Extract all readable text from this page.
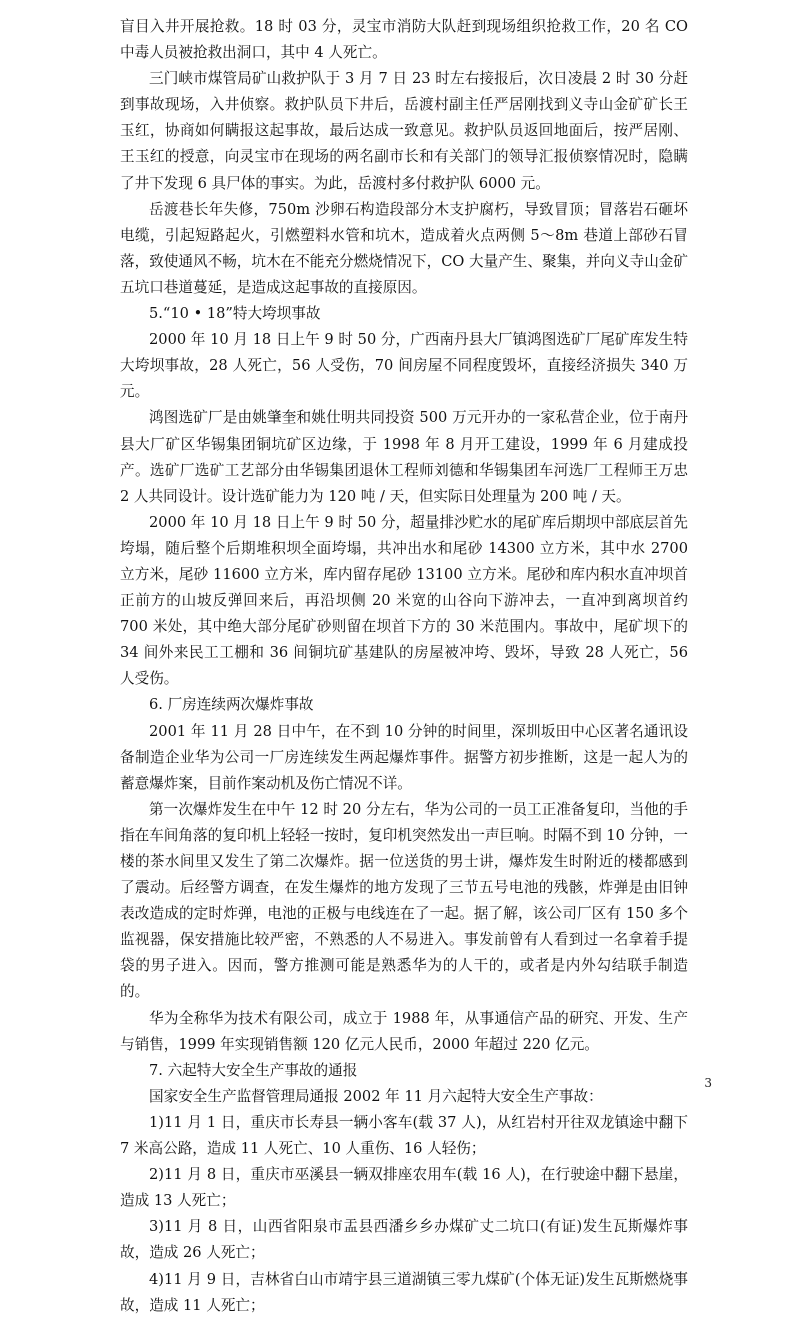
盲目入井开展抢救。18 时 03 分，灵宝市消防大队赶到现场组织抢救工作，20 名 CO 中毒人员被抢救出洞口，其中 4 人死亡。

三门峡市煤管局矿山救护队于 3 月 7 日 23 时左右接报后，次日凌晨 2 时 30 分赶到事故现场，入井侦察。救护队员下井后，岳渡村副主任严居刚找到义寺山金矿矿长王玉红，协商如何瞒报这起事故，最后达成一致意见。救护队员返回地面后，按严居刚、王玉红的授意，向灵宝市在现场的两名副市长和有关部门的领导汇报侦察情况时，隐瞒了井下发现 6 具尸体的事实。为此，岳渡村多付救护队 6000 元。

岳渡巷长年失修，750m 沙卵石构造段部分木支护腐朽，导致冒顶；冒落岩石砸坏电缆，引起短路起火，引燃塑料水管和坑木，造成着火点两侧 5～8m 巷道上部砂石冒落，致使通风不畅，坑木在不能充分燃烧情况下，CO 大量产生、聚集，并向义寺山金矿五坑口巷道蔓延，是造成这起事故的直接原因。

5.“10 • 18”特大垮坝事故

2000 年 10 月 18 日上午 9 时 50 分，广西南丹县大厂镇鸿图选矿厂尾矿库发生特大垮坝事故，28 人死亡，56 人受伤，70 间房屋不同程度毁坏，直接经济损失 340 万元。

鸿图选矿厂是由姚肇奎和姚仕明共同投资 500 万元开办的一家私营企业，位于南丹县大厂矿区华锡集团铜坑矿区边缘，于 1998 年 8 月开工建设，1999 年 6 月建成投产。选矿厂选矿工艺部分由华锡集团退休工程师刘德和华锡集团车河选厂工程师王万忠 2 人共同设计。设计选矿能力为 120 吨 / 天，但实际日处理量为 200 吨 / 天。

2000 年 10 月 18 日上午 9 时 50 分，超量排沙贮水的尾矿库后期坝中部底层首先垮塌，随后整个后期堆积坝全面垮塌，共冲出水和尾砂 14300 立方米，其中水 2700 立方米，尾砂 11600 立方米，库内留存尾砂 13100 立方米。尾砂和库内积水直冲坝首正前方的山坡反弹回来后，再沿坝侧 20 米宽的山谷向下游冲去，一直冲到离坝首约 700 米处，其中绝大部分尾矿砂则留在坝首下方的 30 米范围内。事故中，尾矿坝下的 34 间外来民工工棚和 36 间铜坑矿基建队的房屋被冲垮、毁坏，导致 28 人死亡，56 人受伤。

6. 厂房连续两次爆炸事故

2001 年 11 月 28 日中午，在不到 10 分钟的时间里，深圳坂田中心区著名通讯设备制造企业华为公司一厂房连续发生两起爆炸事件。据警方初步推断，这是一起人为的蓄意爆炸案，目前作案动机及伤亡情况不详。

第一次爆炸发生在中午 12 时 20 分左右，华为公司的一员工正准备复印，当他的手指在车间角落的复印机上轻轻一按时，复印机突然发出一声巨响。时隔不到 10 分钟，一楼的茶水间里又发生了第二次爆炸。据一位送货的男士讲，爆炸发生时附近的楼都感到了震动。后经警方调查，在发生爆炸的地方发现了三节五号电池的残骸，炸弹是由旧钟表改造成的定时炸弹，电池的正极与电线连在了一起。据了解，该公司厂区有 150 多个监视器，保安措施比较严密，不熟悉的人不易进入。事发前曾有人看到过一名拿着手提袋的男子进入。因而，警方推测可能是熟悉华为的人干的，或者是内外勾结联手制造的。

华为全称华为技术有限公司，成立于 1988 年，从事通信产品的研究、开发、生产与销售，1999 年实现销售额 120 亿元人民币，2000 年超过 220 亿元。

7. 六起特大安全生产事故的通报

国家安全生产监督管理局通报 2002 年 11 月六起特大安全生产事故：

1)11 月 1 日，重庆市长寿县一辆小客车(载 37 人)，从红岩村开往双龙镇途中翻下 7 米高公路，造成 11 人死亡、10 人重伤、16 人轻伤；

2)11 月 8 日，重庆市巫溪县一辆双排座农用车(载 16 人)，在行驶途中翻下悬崖，造成 13 人死亡；

3)11 月 8 日，山西省阳泉市盂县西潘乡乡办煤矿丈二坑口(有证)发生瓦斯爆炸事故，造成 26 人死亡；

4)11 月 9 日，吉林省白山市靖宇县三道湖镇三零九煤矿(个体无证)发生瓦斯燃烧事故，造成 11 人死亡；

3
